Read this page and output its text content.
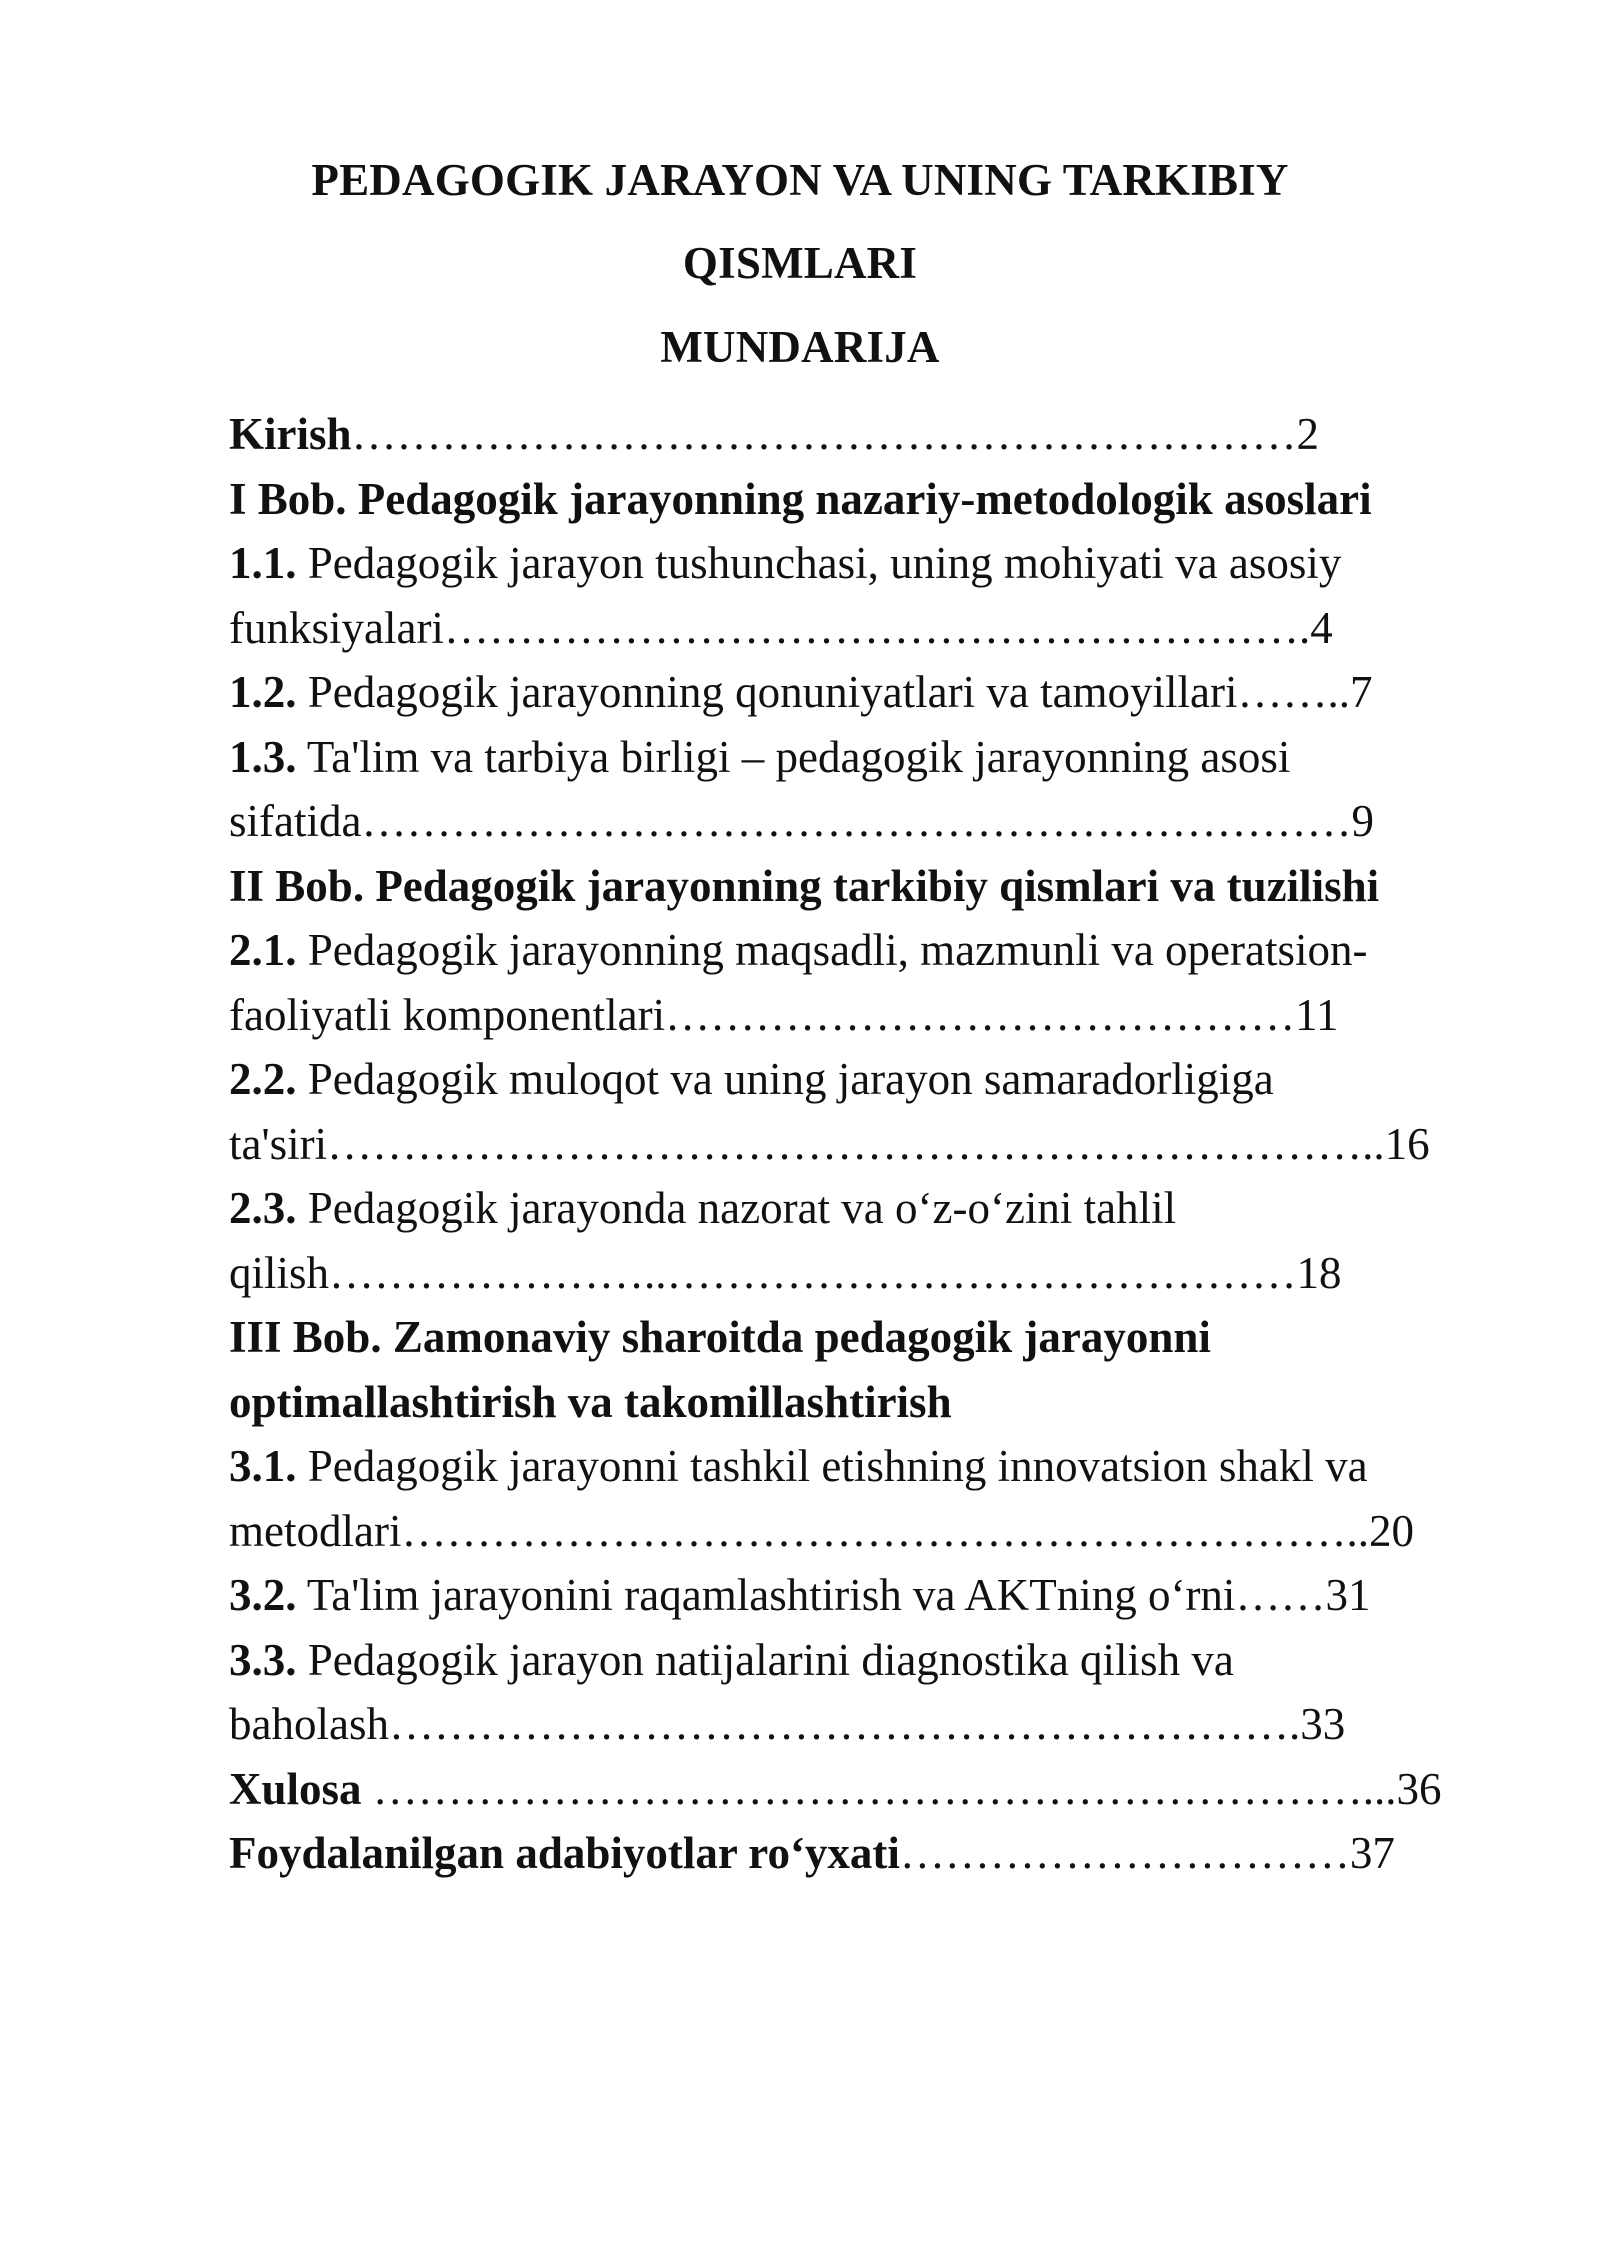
PEDAGOGIK JARAYON VA UNING TARKIBIY
QISMLARI
MUNDARIJA
Kirish………………………………………………………2
I Bob. Pedagogik jarayonning nazariy-metodologik asoslari
1.1. Pedagogik jarayon tushunchasi, uning mohiyati va asosiy
funksiyalari………………………………………………….4
1.2. Pedagogik jarayonning qonuniyatlari va tamoyillari……..7
1.3. Ta'lim va tarbiya birligi – pedagogik jarayonning asosi
sifatida…………………………………………………………9
II Bob. Pedagogik jarayonning tarkibiy qismlari va tuzilishi
2.1. Pedagogik jarayonning maqsadli, mazmunli va operatsion-
faoliyatli komponentlari……………………………………11
2.2. Pedagogik muloqot va uning jarayon samaradorligiga
ta'siri……………………………………………………………..16
2.3. Pedagogik jarayonda nazorat va o‘z-o‘zini tahlil
qilish…………………..……………………………………18
III Bob. Zamonaviy sharoitda pedagogik jarayonni
optimallashtirish va takomillashtirish
3.1. Pedagogik jarayonni tashkil etishning innovatsion shakl va
metodlari………………………………………………………..20
3.2. Ta'lim jarayonini raqamlashtirish va AKTning o‘rni……31
3.3. Pedagogik jarayon natijalarini diagnostika qilish va
baholash…………………………………………………….33
Xulosa …………………………………………………………...36
Foydalanilgan adabiyotlar ro‘yxati…………………………37
